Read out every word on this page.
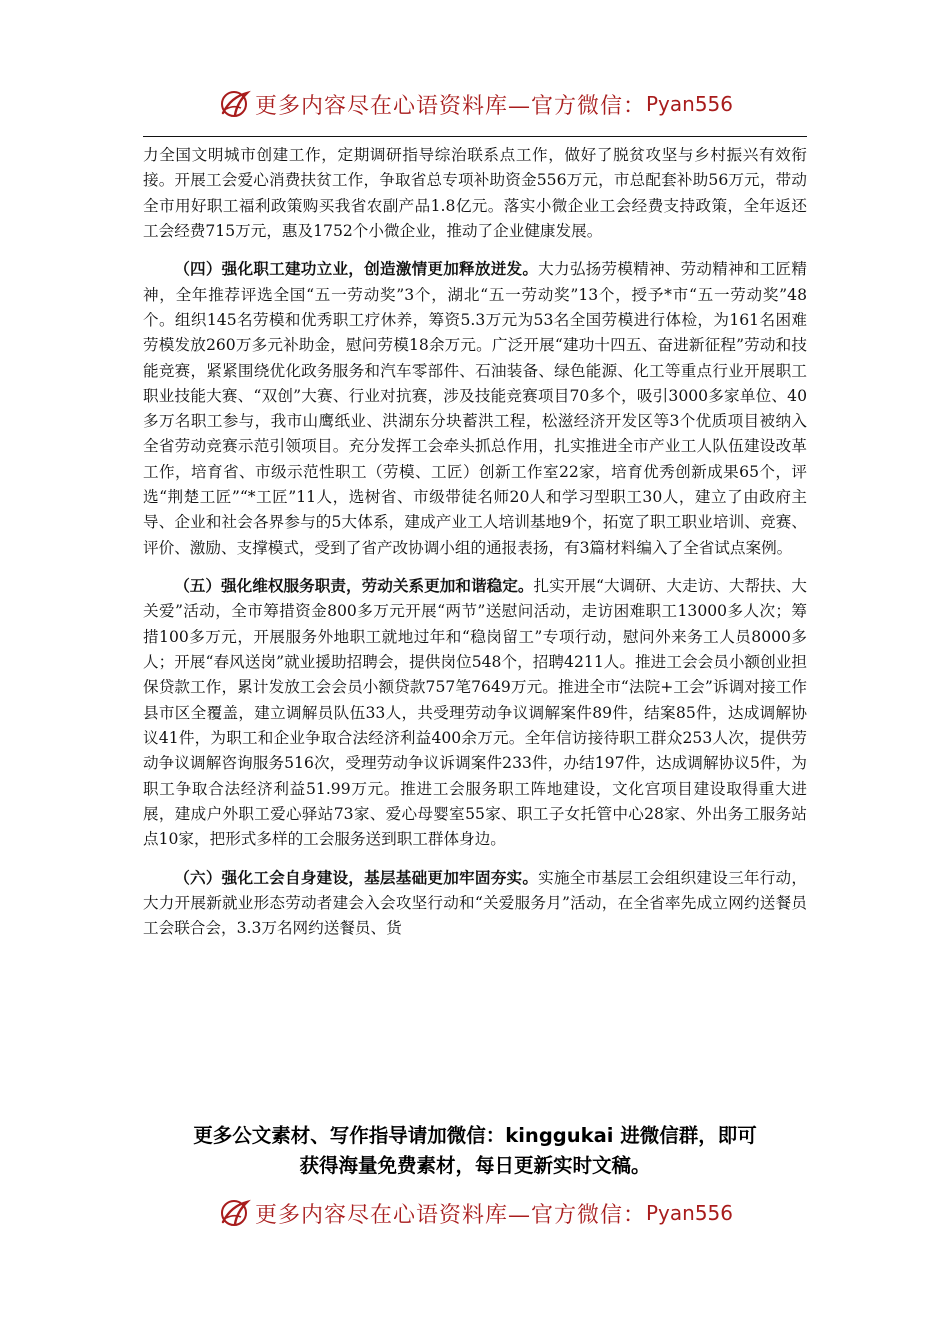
更多内容尽在心语资料库—官方微信： Pyan556

力全国文明城市创建工作，定期调研指导综治联系点工作，做好了脱贫攻坚与乡村振兴有效衔接。开展工会爱心消费扶贫工作，争取省总专项补助资金556万元，市总配套补助56万元，带动全市用好职工福利政策购买我省农副产品1.8亿元。落实小微企业工会经费支持政策，全年返还工会经费715万元，惠及1752个小微企业，推动了企业健康发展。

（四）强化职工建功立业，创造激情更加释放迸发。大力弘扬劳模精神、劳动精神和工匠精神，全年推荐评选全国“五一劳动奖”3个，湖北“五一劳动奖”13个，授予*市“五一劳动奖”48个。组织145名劳模和优秀职工疗休养，筹资5.3万元为53名全国劳模进行体检，为161名困难劳模发放260万多元补助金，慰问劳模18余万元。广泛开展“建功十四五、奋进新征程”劳动和技能竞赛，紧紧围绕优化政务服务和汽车零部件、石油装备、绿色能源、化工等重点行业开展职工职业技能大赛、“双创”大赛、行业对抗赛，涉及技能竞赛项目70多个，吸引3000多家单位、40多万名职工参与，我市山鹰纸业、洪湖东分块蓄洪工程，松滋经济开发区等3个优质项目被纳入全省劳动竞赛示范引领项目。充分发挥工会牵头抓总作用，扎实推进全市产业工人队伍建设改革工作，培育省、市级示范性职工（劳模、工匠）创新工作室22家，培育优秀创新成果65个，评选“荆楚工匠”“*工匠”11人，选树省、市级带徒名师20人和学习型职工30人，建立了由政府主导、企业和社会各界参与的5大体系，建成产业工人培训基地9个，拓宽了职工职业培训、竞赛、评价、激励、支撑模式，受到了省产改协调小组的通报表扬，有3篇材料编入了全省试点案例。

（五）强化维权服务职责，劳动关系更加和谐稳定。扎实开展“大调研、大走访、大帮扶、大关爱”活动，全市筹措资金800多万元开展“两节”送慰问活动，走访困难职工13000多人次；筹措100多万元，开展服务外地职工就地过年和“稳岗留工”专项行动，慰问外来务工人员8000多人；开展“春风送岗”就业援助招聘会，提供岗位548个，招聘4211人。推进工会会员小额创业担保贷款工作，累计发放工会会员小额贷款757笔7649万元。推进全市“法院+工会”诉调对接工作县市区全覆盖，建立调解员队伍33人，共受理劳动争议调解案件89件，结案85件，达成调解协议41件，为职工和企业争取合法经济利益400余万元。全年信访接待职工群众253人次，提供劳动争议调解咨询服务516次，受理劳动争议诉调案件233件，办结197件，达成调解协议5件，为职工争取合法经济利益51.99万元。推进工会服务职工阵地建设，文化宫项目建设取得重大进展，建成户外职工爱心驿站73家、爱心母婴室55家、职工子女托管中心28家、外出务工服务站点10家，把形式多样的工会服务送到职工群体身边。

（六）强化工会自身建设，基层基础更加牢固夯实。实施全市基层工会组织建设三年行动，大力开展新就业形态劳动者建会入会攻坚行动和“关爱服务月”活动，在全省率先成立网约送餐员工会联合会，3.3万名网约送餐员、货

更多公文素材、写作指导请加微信：kinggukai 进微信群，即可
获得海量免费素材，每日更新实时文稿。
更多内容尽在心语资料库—官方微信： Pyan556
